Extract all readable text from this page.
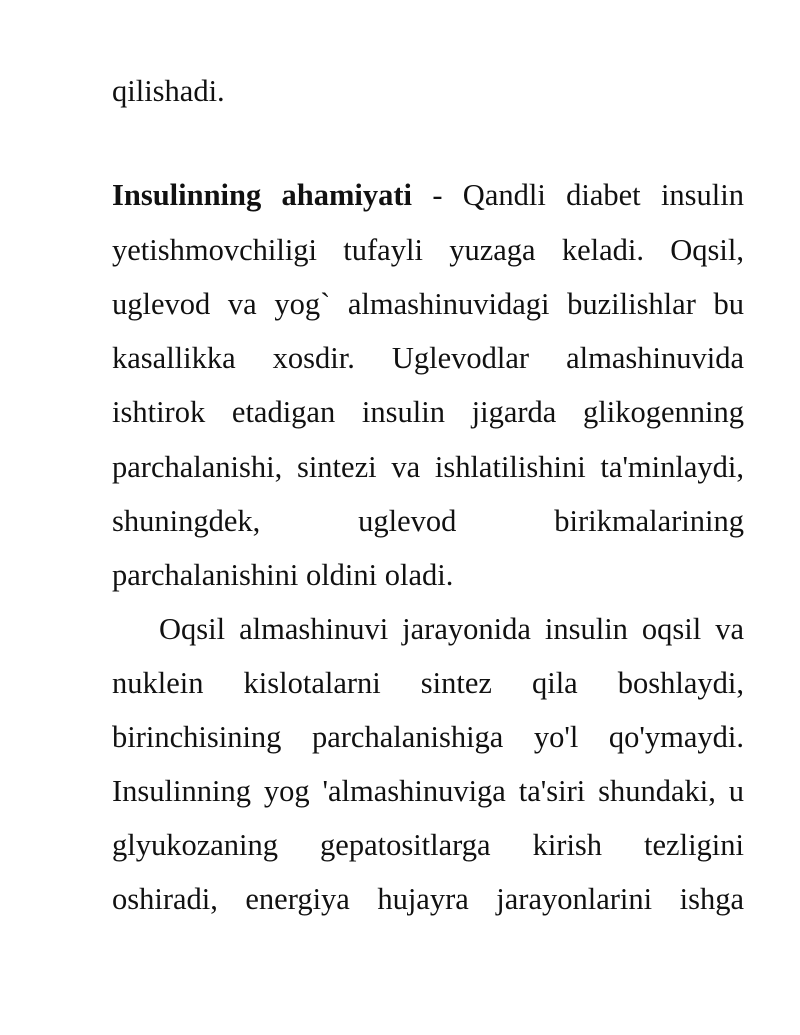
qilishadi.
Insulinning ahamiyati - Qandli diabet insulin
yetishmovchiligi tufayli yuzaga keladi. Oqsil,
uglevod va yog` almashinuvidagi buzilishlar bu
kasallikka xosdir. Uglevodlar almashinuvida
ishtirok etadigan insulin jigarda glikogenning
parchalanishi, sintezi va ishlatilishini ta'minlaydi,
shuningdek, uglevod birikmalarining
parchalanishini oldini oladi.
Oqsil almashinuvi jarayonida insulin oqsil va
nuklein kislotalarni sintez qila boshlaydi,
birinchisining parchalanishiga yo'l qo'ymaydi.
Insulinning yog 'almashinuviga ta'siri shundaki, u
glyukozaning gepatositlarga kirish tezligini
oshiradi, energiya hujayra jarayonlarini ishga
